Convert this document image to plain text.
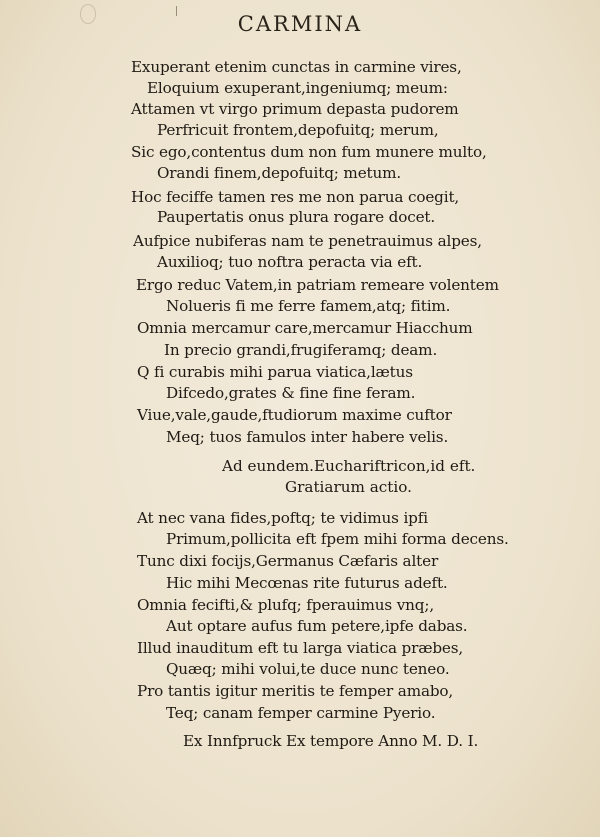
CARMINA
Exuperant etenim cunctas in carmine vires,
Eloquium exuperant,ingeniumq; meum:
Attamen vt virgo primum depasta pudorem
Perfricuit frontem,depofuitq; merum,
Sic ego,contentus dum non fum munere multo,
Orandi finem,depofuitq; metum.
Hoc feciffe tamen res me non parua coegit,
Paupertatis onus plura rogare docet.
Aufpice nubiferas nam te penetrauimus alpes,
Auxilioq; tuo noftra peracta via eft.
Ergo reduc Vatem,in patriam remeare volentem
Nolueris fi me ferre famem,atq; fitim.
Omnia mercamur care,mercamur Hiacchum
In precio grandi,frugiferamq; deam.
Q fi curabis mihi parua viatica,lætus
Difcedo,grates & fine fine feram.
Viue,vale,gaude,ftudiorum maxime cuftor
Meq; tuos famulos inter habere velis.
Ad eundem.Euchariftricon,id eft.
Gratiarum actio.
At nec vana fides,poftq; te vidimus ipfi
Primum,pollicita eft fpem mihi forma decens.
Tunc dixi focijs,Germanus Cæfaris alter
Hic mihi Mecœnas rite futurus adeft.
Omnia fecifti,& plufq; fperauimus vnq;,
Aut optare aufus fum petere,ipfe dabas.
Illud inauditum eft tu larga viatica præbes,
Quæq; mihi volui,te duce nunc teneo.
Pro tantis igitur meritis te femper amabo,
Teq; canam femper carmine Pyerio.
Ex Innfpruck Ex tempore Anno M. D. I.
